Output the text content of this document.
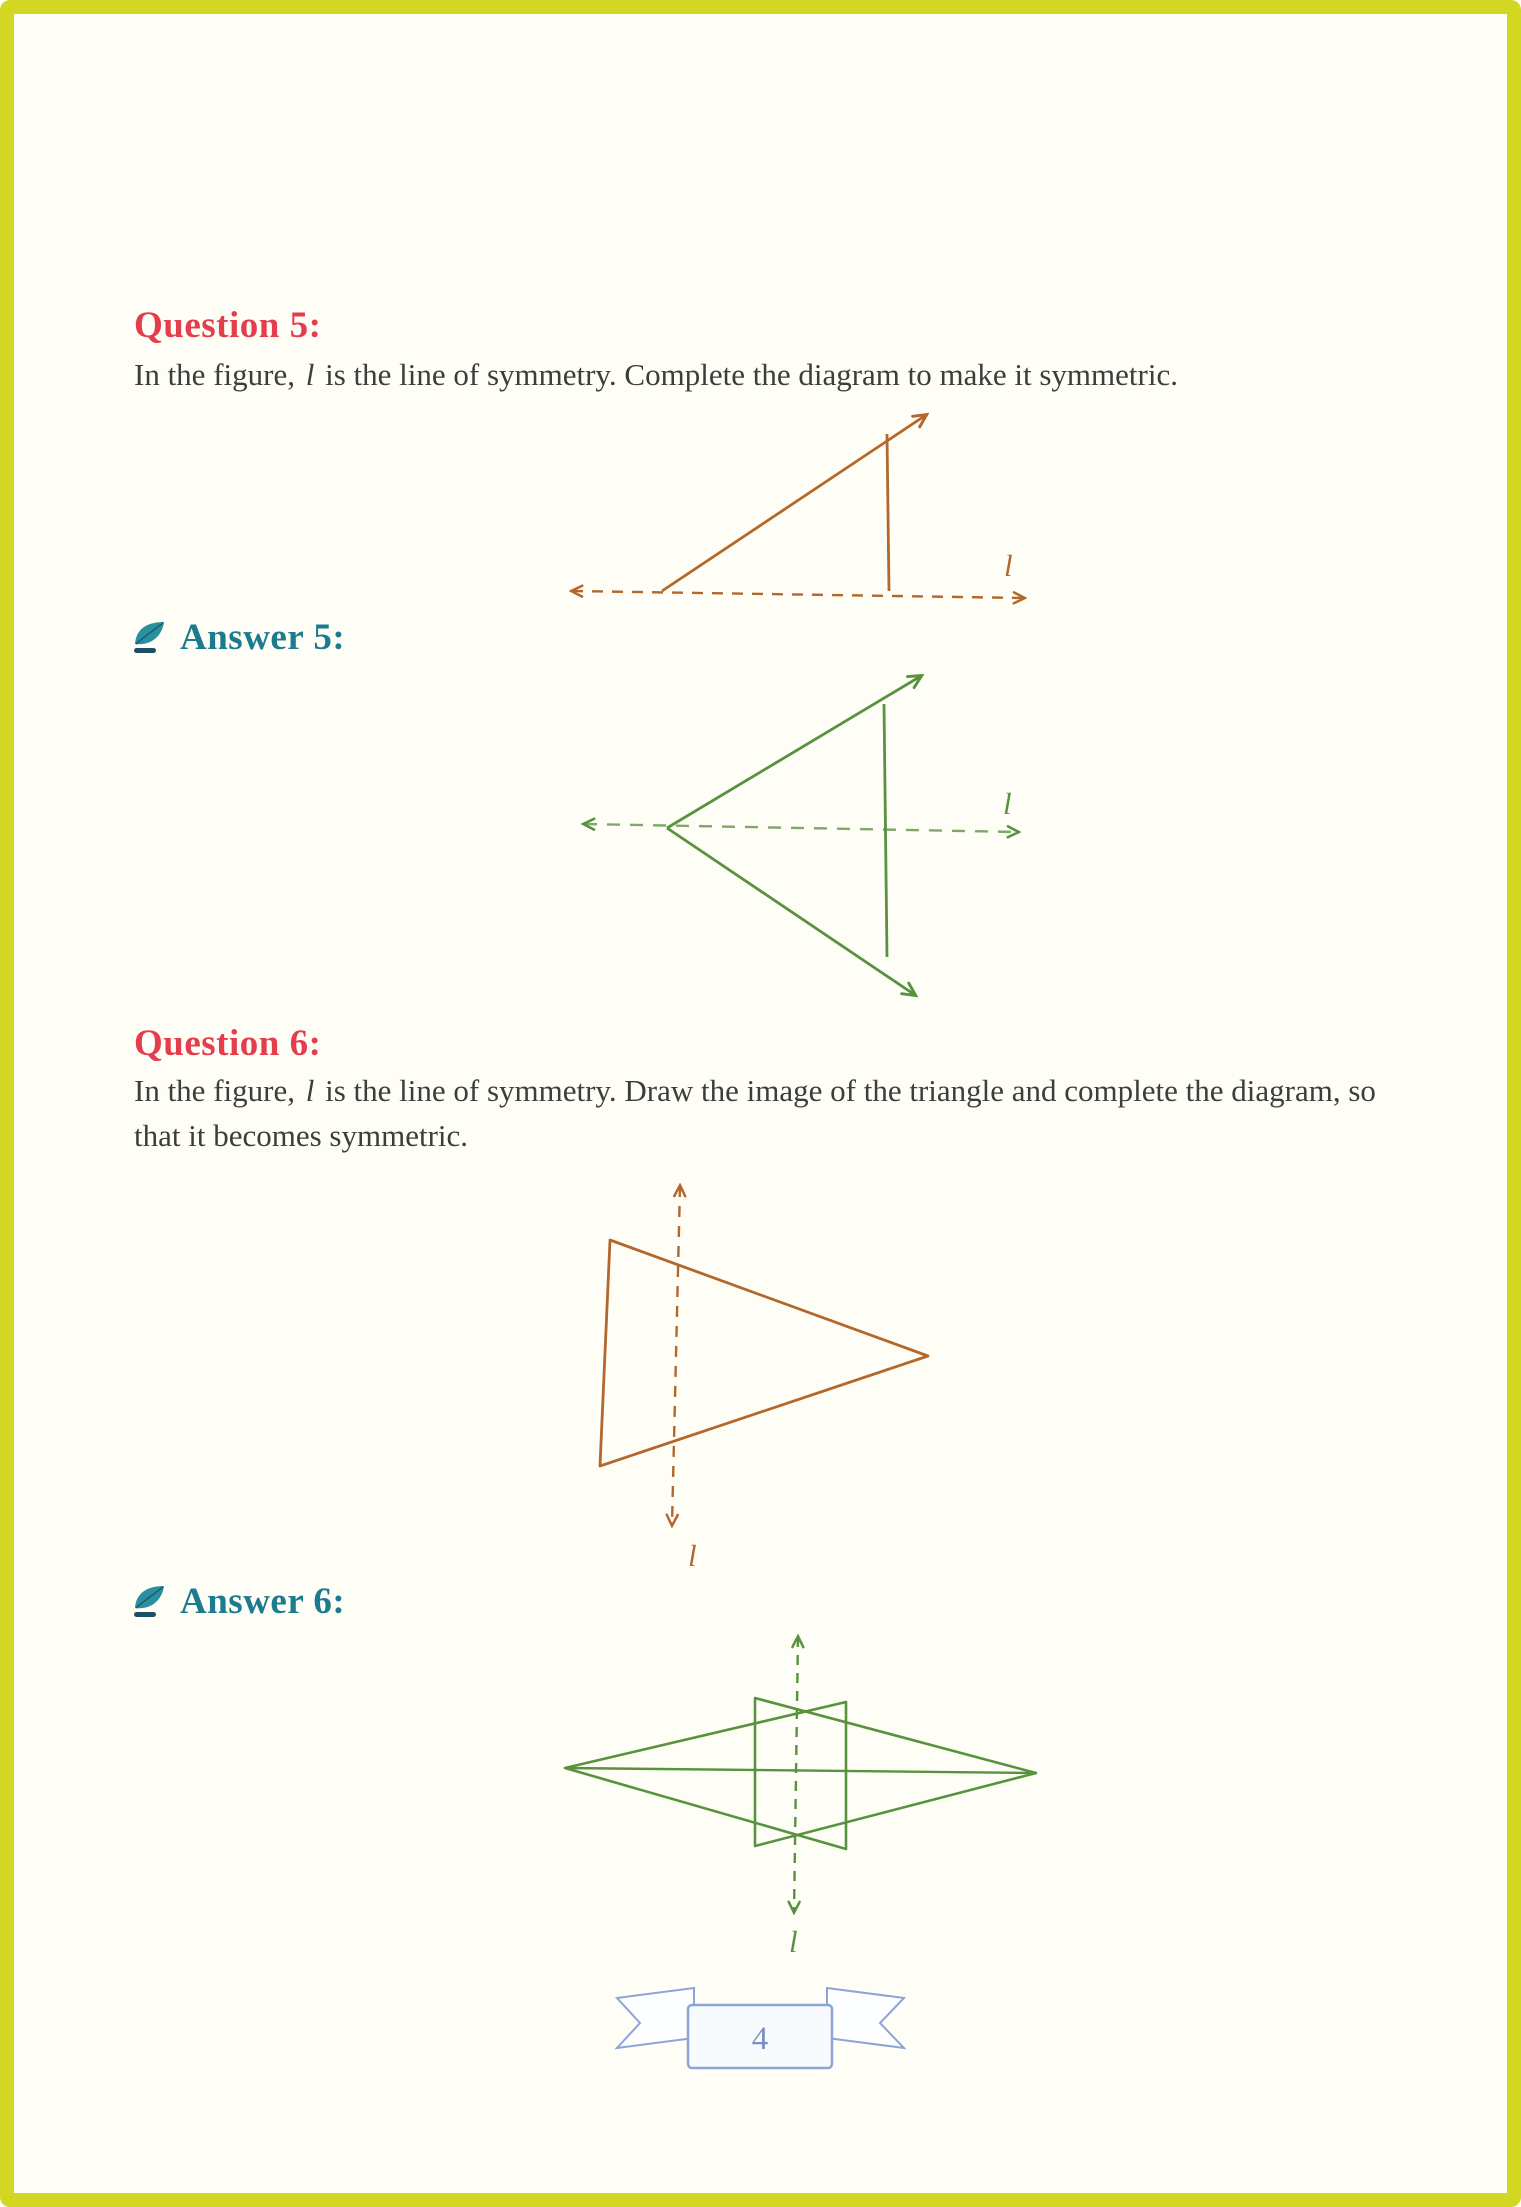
Question 5:
In the figure, l is the line of symmetry. Complete the diagram to make it symmetric.
l
Answer 5:
l
Question 6:
In the figure, l is the line of symmetry. Draw the image of the triangle and complete the diagram, so that it becomes symmetric.
l
Answer 6:
l
4
